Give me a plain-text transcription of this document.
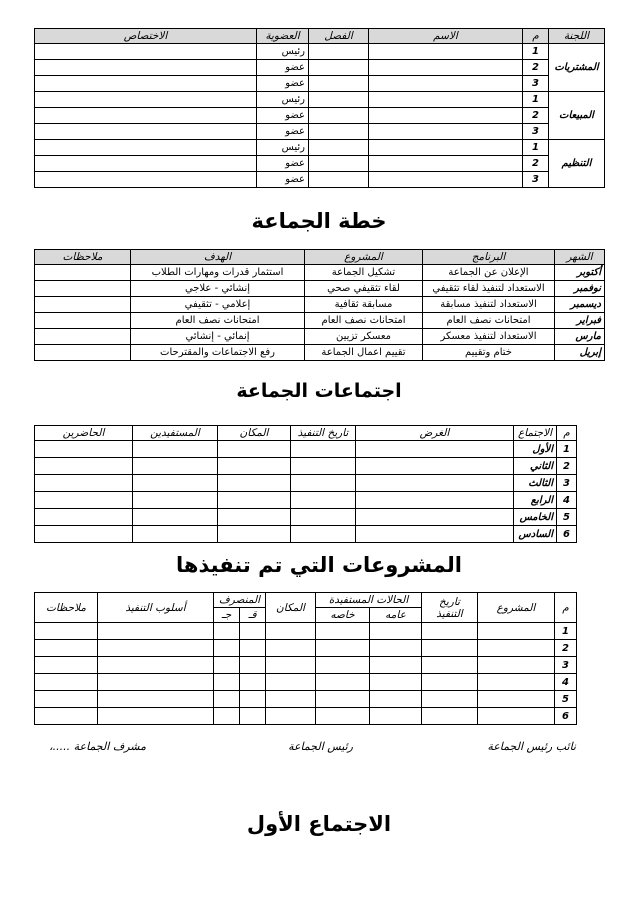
اللجنة	م	الاسم	الفصل	العضوية	الاختصاص
المشتريات	1			رئيس	
	2			عضو	
	3			عضو	
المبيعات	1			رئيس	
	2			عضو	
	3			عضو	
التنظيم	1			رئيس	
	2			عضو	
	3			عضو	
خطة الجماعة
الشهر	البرنامج	المشروع	الهدف	ملاحظات
أكتوبر	الإعلان عن الجماعة	تشكيل الجماعة	استثمار قدرات ومهارات الطلاب	
نوفمبر	الاستعداد لتنفيذ لقاء تثقيفي	لقاء تثقيفي صحي	إنشائي - علاجي	
ديسمبر	الاستعداد لتنفيذ مسابقة	مسابقة ثقافية	إعلامي - تثقيفي	
فبراير	امتحانات نصف العام	امتحانات نصف العام	امتحانات نصف العام	
مارس	الاستعداد لتنفيذ معسكر	معسكر تزيين	إنمائي - إنشائي	
إبريل	ختام وتقييم	تقييم اعمال الجماعة	رفع الاجتماعات والمقترحات	
اجتماعات الجماعة
م	الاجتماع	الغرض	تاريخ التنفيذ	المكان	المستفيدين	الحاضرين
1	الأول					
2	الثاني					
3	الثالث					
4	الرابع					
5	الخامس					
6	السادس					
المشروعات التي تم تنفيذها
م	المشروع	تاريخ التنفيذ	الحالات المستفيدة		المكان	المنصرف		أسلوب التنفيذ	ملاحظات
			عامه	خاصه		قـ	جـ		
1									
2									
3									
4									
5									
6									
نائب رئيس الجماعة
رئيس الجماعة
مشرف الجماعة .....،
الاجتماع الأول
